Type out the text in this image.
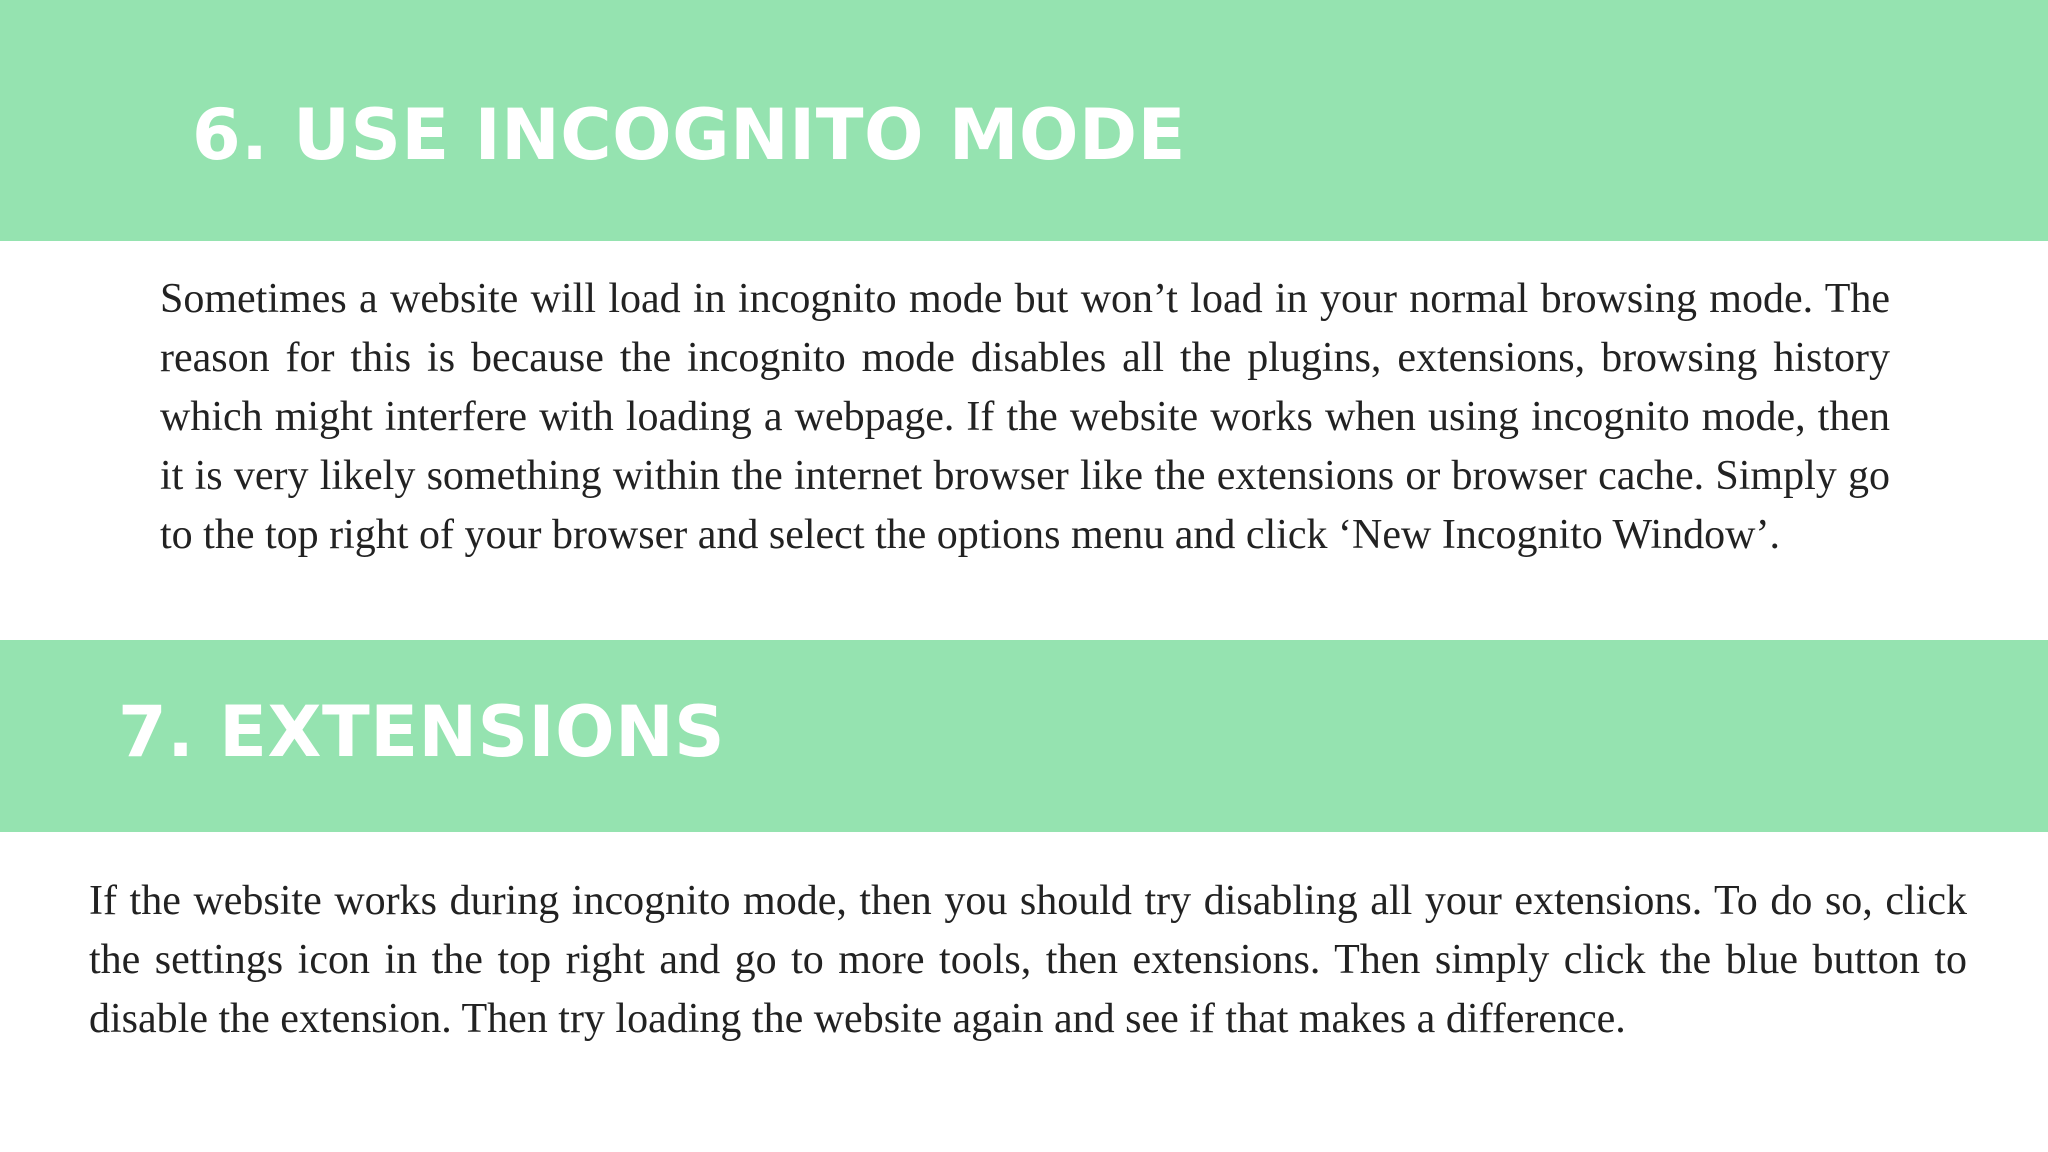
6. USE INCOGNITO MODE

Sometimes a website will load in incognito mode but won’t load in your normal browsing mode. The reason for this is because the incognito mode disables all the plugins, extensions, browsing history which might interfere with loading a webpage. If the website works when using incognito mode, then it is very likely something within the internet browser like the extensions or browser cache. Simply go to the top right of your browser and select the options menu and click ‘New Incognito Window’.

7. EXTENSIONS

If the website works during incognito mode, then you should try disabling all your extensions. To do so, click the settings icon in the top right and go to more tools, then extensions. Then simply click the blue button to disable the extension. Then try loading the website again and see if that makes a difference.
